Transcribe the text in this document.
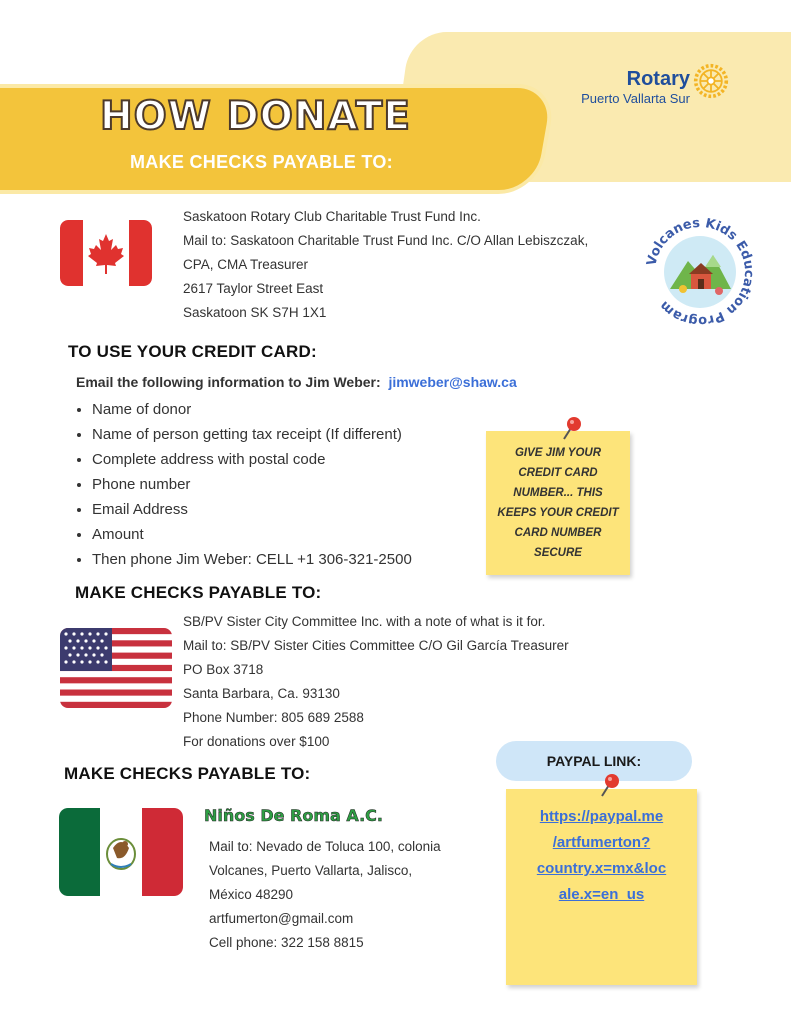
HOW DONATE
MAKE CHECKS PAYABLE TO:
Rotary
Puerto Vallarta Sur
Saskatoon Rotary Club Charitable Trust Fund Inc.
Mail to: Saskatoon Charitable Trust Fund Inc. C/O Allan Lebiszczak,
CPA, CMA Treasurer
2617 Taylor Street East
Saskatoon SK S7H 1X1
Volcanes Kids Education Program
TO USE YOUR CREDIT CARD:
Email the following information to Jim Weber: jimweber@shaw.ca
• Name of donor
• Name of person getting tax receipt (If different)
• Complete address with postal code
• Phone number
• Email Address
• Amount
• Then phone Jim Weber: CELL +1 306-321-2500
GIVE JIM YOUR
CREDIT CARD
NUMBER... THIS
KEEPS YOUR CREDIT
CARD NUMBER
SECURE
MAKE CHECKS PAYABLE TO:
SB/PV Sister City Committee Inc. with a note of what is it for.
Mail to: SB/PV Sister Cities Committee C/O Gil García Treasurer
PO Box 3718
Santa Barbara, Ca. 93130
Phone Number: 805 689 2588
For donations over $100
PAYPAL LINK:
MAKE CHECKS PAYABLE TO:
Niños De Roma A.C.
Mail to: Nevado de Toluca 100, colonia
Volcanes, Puerto Vallarta, Jalisco,
México 48290
artfumerton@gmail.com
Cell phone: 322 158 8815
https://paypal.me
/artfumerton?
country.x=mx&loc
ale.x=en_us
